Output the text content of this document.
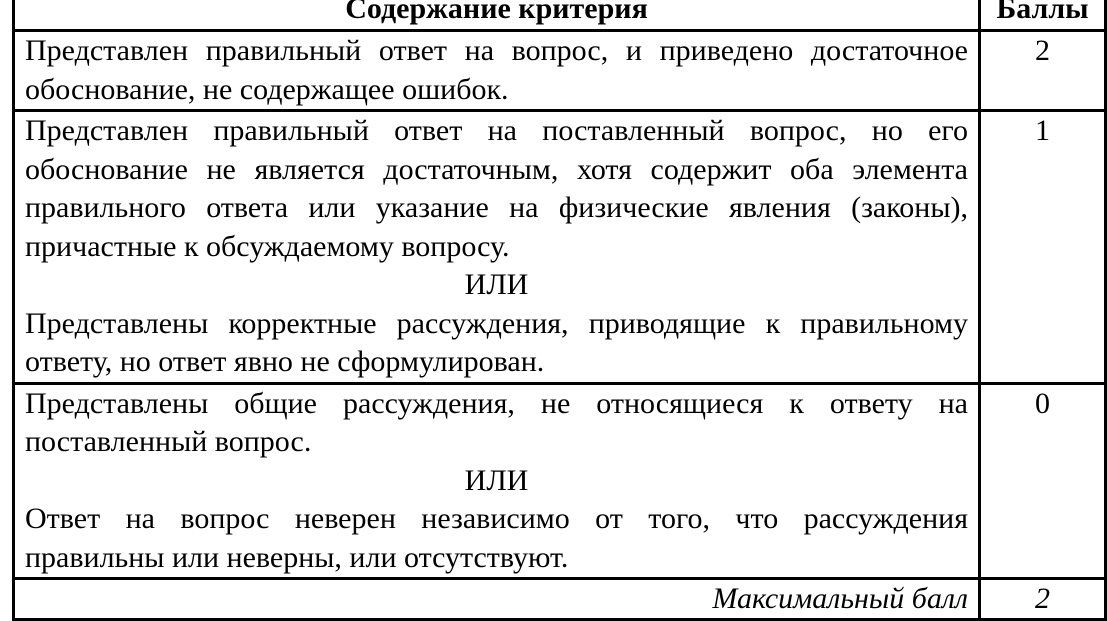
Содержание критерия	Баллы

Представлен правильный ответ на вопрос, и приведено достаточное обоснование, не содержащее ошибок.	2

Представлен правильный ответ на поставленный вопрос, но его обоснование не является достаточным, хотя содержит оба элемента правильного ответа или указание на физические явления (законы), причастные к обсуждаемому вопросу.
ИЛИ
Представлены корректные рассуждения, приводящие к правильному ответу, но ответ явно не сформулирован.	1

Представлены общие рассуждения, не относящиеся к ответу на поставленный вопрос.
ИЛИ
Ответ на вопрос неверен независимо от того, что рассуждения правильны или неверны, или отсутствуют.	0
Максимальный балл	2
